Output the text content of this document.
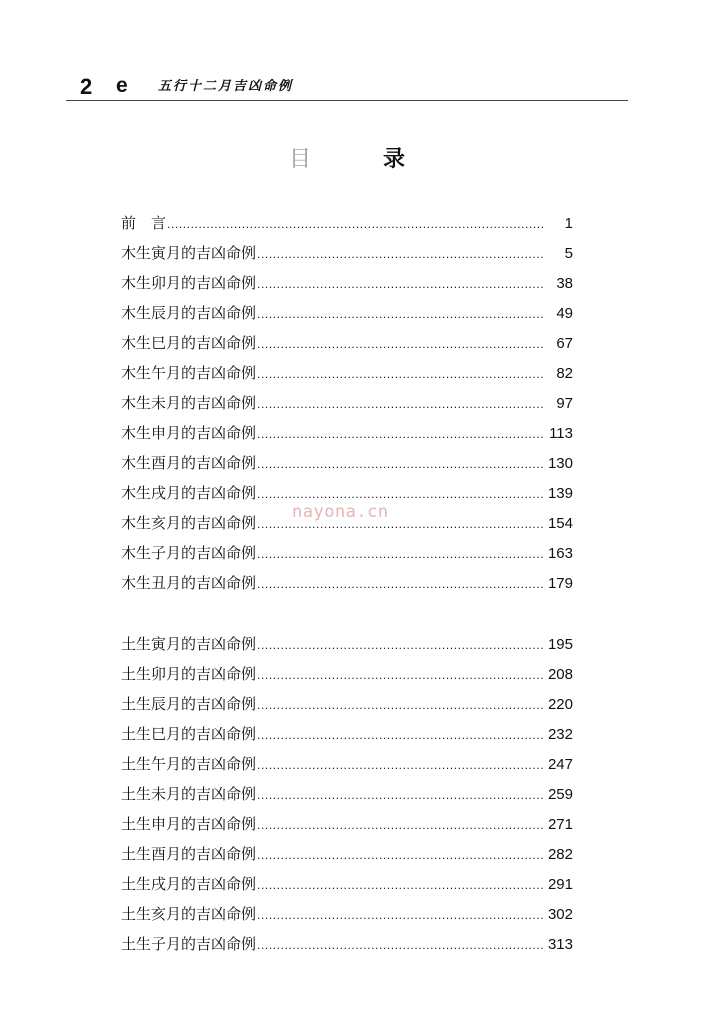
2 e 五行十二月吉凶命例
目	录
前　言 .....	1
木生寅月的吉凶命例 .....	5
木生卯月的吉凶命例 .....	38
木生辰月的吉凶命例 .....	49
木生巳月的吉凶命例 .....	67
木生午月的吉凶命例 .....	82
木生未月的吉凶命例 .....	97
木生申月的吉凶命例 .....	113
木生酉月的吉凶命例 .....	130
木生戌月的吉凶命例 .....	139
木生亥月的吉凶命例 .....	154
木生子月的吉凶命例 .....	163
木生丑月的吉凶命例 .....	179
土生寅月的吉凶命例 .....	195
土生卯月的吉凶命例 .....	208
土生辰月的吉凶命例 .....	220
土生巳月的吉凶命例 .....	232
土生午月的吉凶命例 .....	247
土生未月的吉凶命例 .....	259
土生申月的吉凶命例 .....	271
土生酉月的吉凶命例 .....	282
土生戌月的吉凶命例 .....	291
土生亥月的吉凶命例 .....	302
土生子月的吉凶命例 .....	313
nayona.cn
